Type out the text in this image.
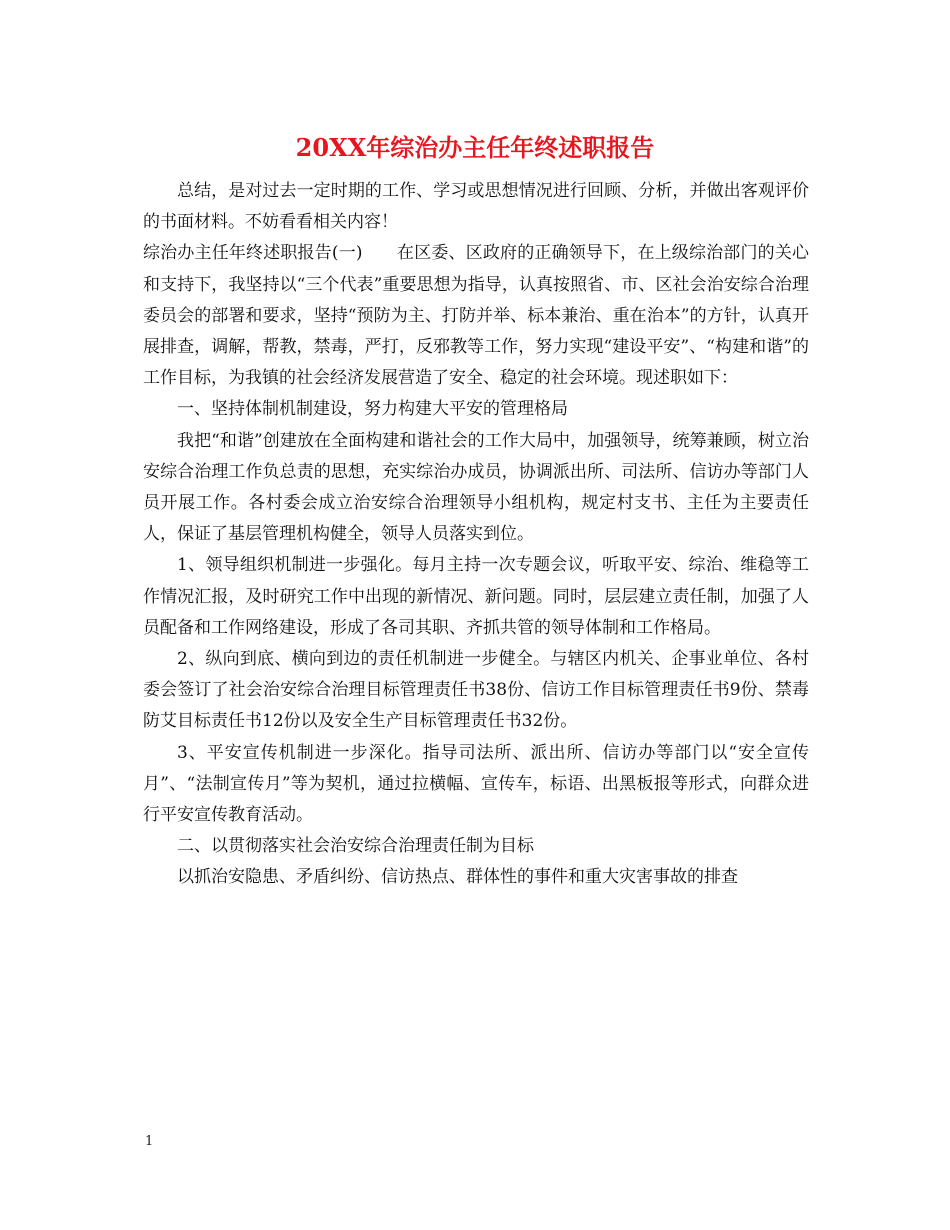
20XX年综治办主任年终述职报告

总结，是对过去一定时期的工作、学习或思想情况进行回顾、分析，并做出客观评价的书面材料。不妨看看相关内容！

综治办主任年终述职报告(一)　　在区委、区政府的正确领导下，在上级综治部门的关心和支持下，我坚持以“三个代表”重要思想为指导，认真按照省、市、区社会治安综合治理委员会的部署和要求，坚持“预防为主、打防并举、标本兼治、重在治本”的方针，认真开展排查，调解，帮教，禁毒，严打，反邪教等工作，努力实现“建设平安”、“构建和谐”的工作目标，为我镇的社会经济发展营造了安全、稳定的社会环境。现述职如下：

一、坚持体制机制建设，努力构建大平安的管理格局

我把“和谐”创建放在全面构建和谐社会的工作大局中，加强领导，统筹兼顾，树立治安综合治理工作负总责的思想，充实综治办成员，协调派出所、司法所、信访办等部门人员开展工作。各村委会成立治安综合治理领导小组机构，规定村支书、主任为主要责任人，保证了基层管理机构健全，领导人员落实到位。

1、领导组织机制进一步强化。每月主持一次专题会议，听取平安、综治、维稳等工作情况汇报，及时研究工作中出现的新情况、新问题。同时，层层建立责任制，加强了人员配备和工作网络建设，形成了各司其职、齐抓共管的领导体制和工作格局。

2、纵向到底、横向到边的责任机制进一步健全。与辖区内机关、企事业单位、各村委会签订了社会治安综合治理目标管理责任书38份、信访工作目标管理责任书9份、禁毒防艾目标责任书12份以及安全生产目标管理责任书32份。

3、平安宣传机制进一步深化。指导司法所、派出所、信访办等部门以“安全宣传月”、“法制宣传月”等为契机，通过拉横幅、宣传车，标语、出黑板报等形式，向群众进行平安宣传教育活动。

二、以贯彻落实社会治安综合治理责任制为目标

以抓治安隐患、矛盾纠纷、信访热点、群体性的事件和重大灾害事故的排查

1
